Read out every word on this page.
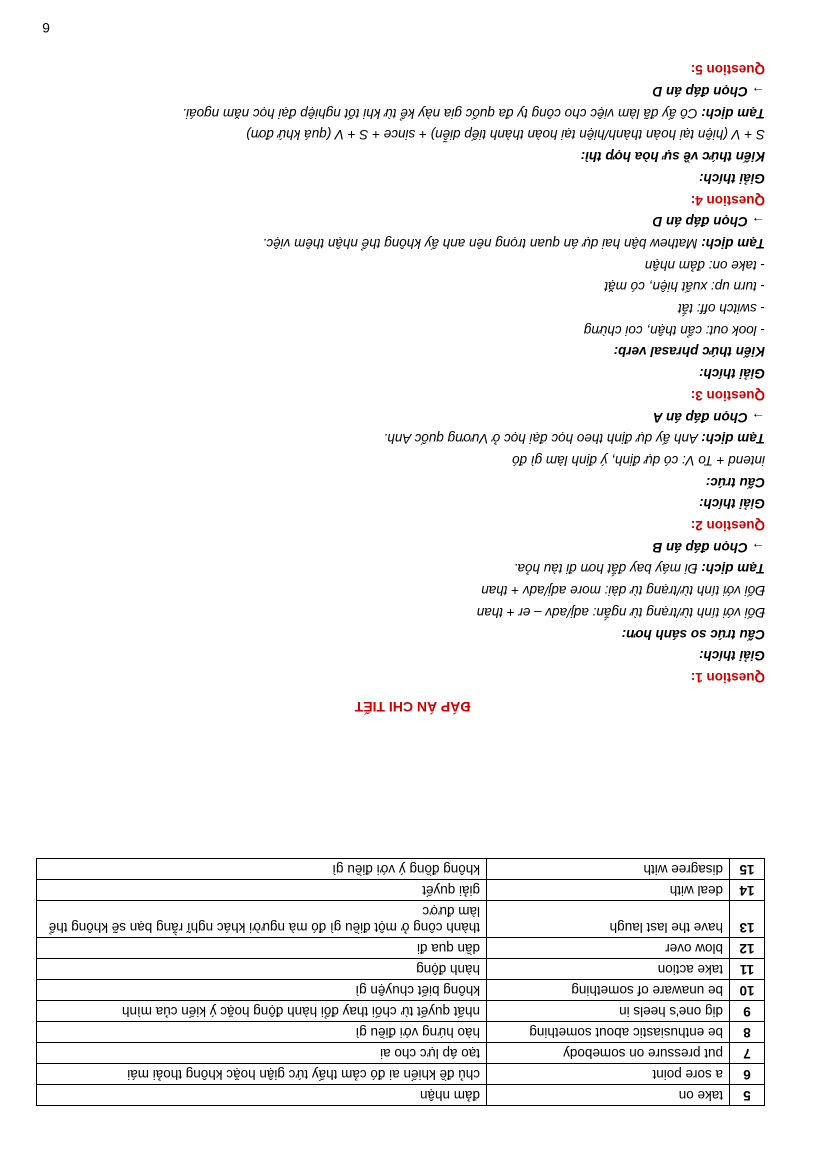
5	take on	đảm nhận
6	a sore point	chủ đề khiến ai đó cảm thấy tức giận hoặc không thoải mái
7	put pressure on somebody	tạo áp lực cho ai
8	be enthusiastic about something	hào hứng với điều gì
9	dig one's heels in	nhất quyết từ chối thay đổi hành động hoặc ý kiến của mình
10	be unaware of something	không biết chuyện gì
11	take action	hành động
12	blow over	dần qua đi
13	have the last laugh	thành công ở một điều gì đó mà người khác nghĩ rằng bạn sẽ không thể làm được
14	deal with	giải quyết
15	disagree with	không đồng ý với điều gì
ĐÁP ÁN CHI TIẾT
Question 1:
Giải thích:
Cấu trúc so sánh hơn:
Đối với tính từ/trạng từ ngắn: adj/adv – er + than
Đối với tính từ/trạng từ dài: more adj/adv + than
Tạm dịch: Đi máy bay đắt hơn đi tàu hỏa.
→ Chọn đáp án B
Question 2:
Giải thích:
Cấu trúc:
intend + To V: có dự định, ý định làm gì đó
Tạm dịch: Anh ấy dự định theo học đại học ở Vương quốc Anh.
→ Chọn đáp án A
Question 3:
Giải thích:
Kiến thức phrasal verb:
- look out: cẩn thận, coi chừng
- switch off: tắt
- turn up: xuất hiện, có mặt
- take on: đảm nhận
Tạm dịch: Mathew bận hai dự án quan trọng nên anh ấy không thể nhận thêm việc.
→ Chọn đáp án D
Question 4:
Giải thích:
Kiến thức về sự hòa hợp thì:
S + V (hiện tại hoàn thành/hiện tại hoàn thành tiếp diễn) + since + S + V (quá khứ đơn)
Tạm dịch: Cô ấy đã làm việc cho công ty đa quốc gia này kể từ khi tốt nghiệp đại học năm ngoái.
→ Chọn đáp án D
Question 5:
6
